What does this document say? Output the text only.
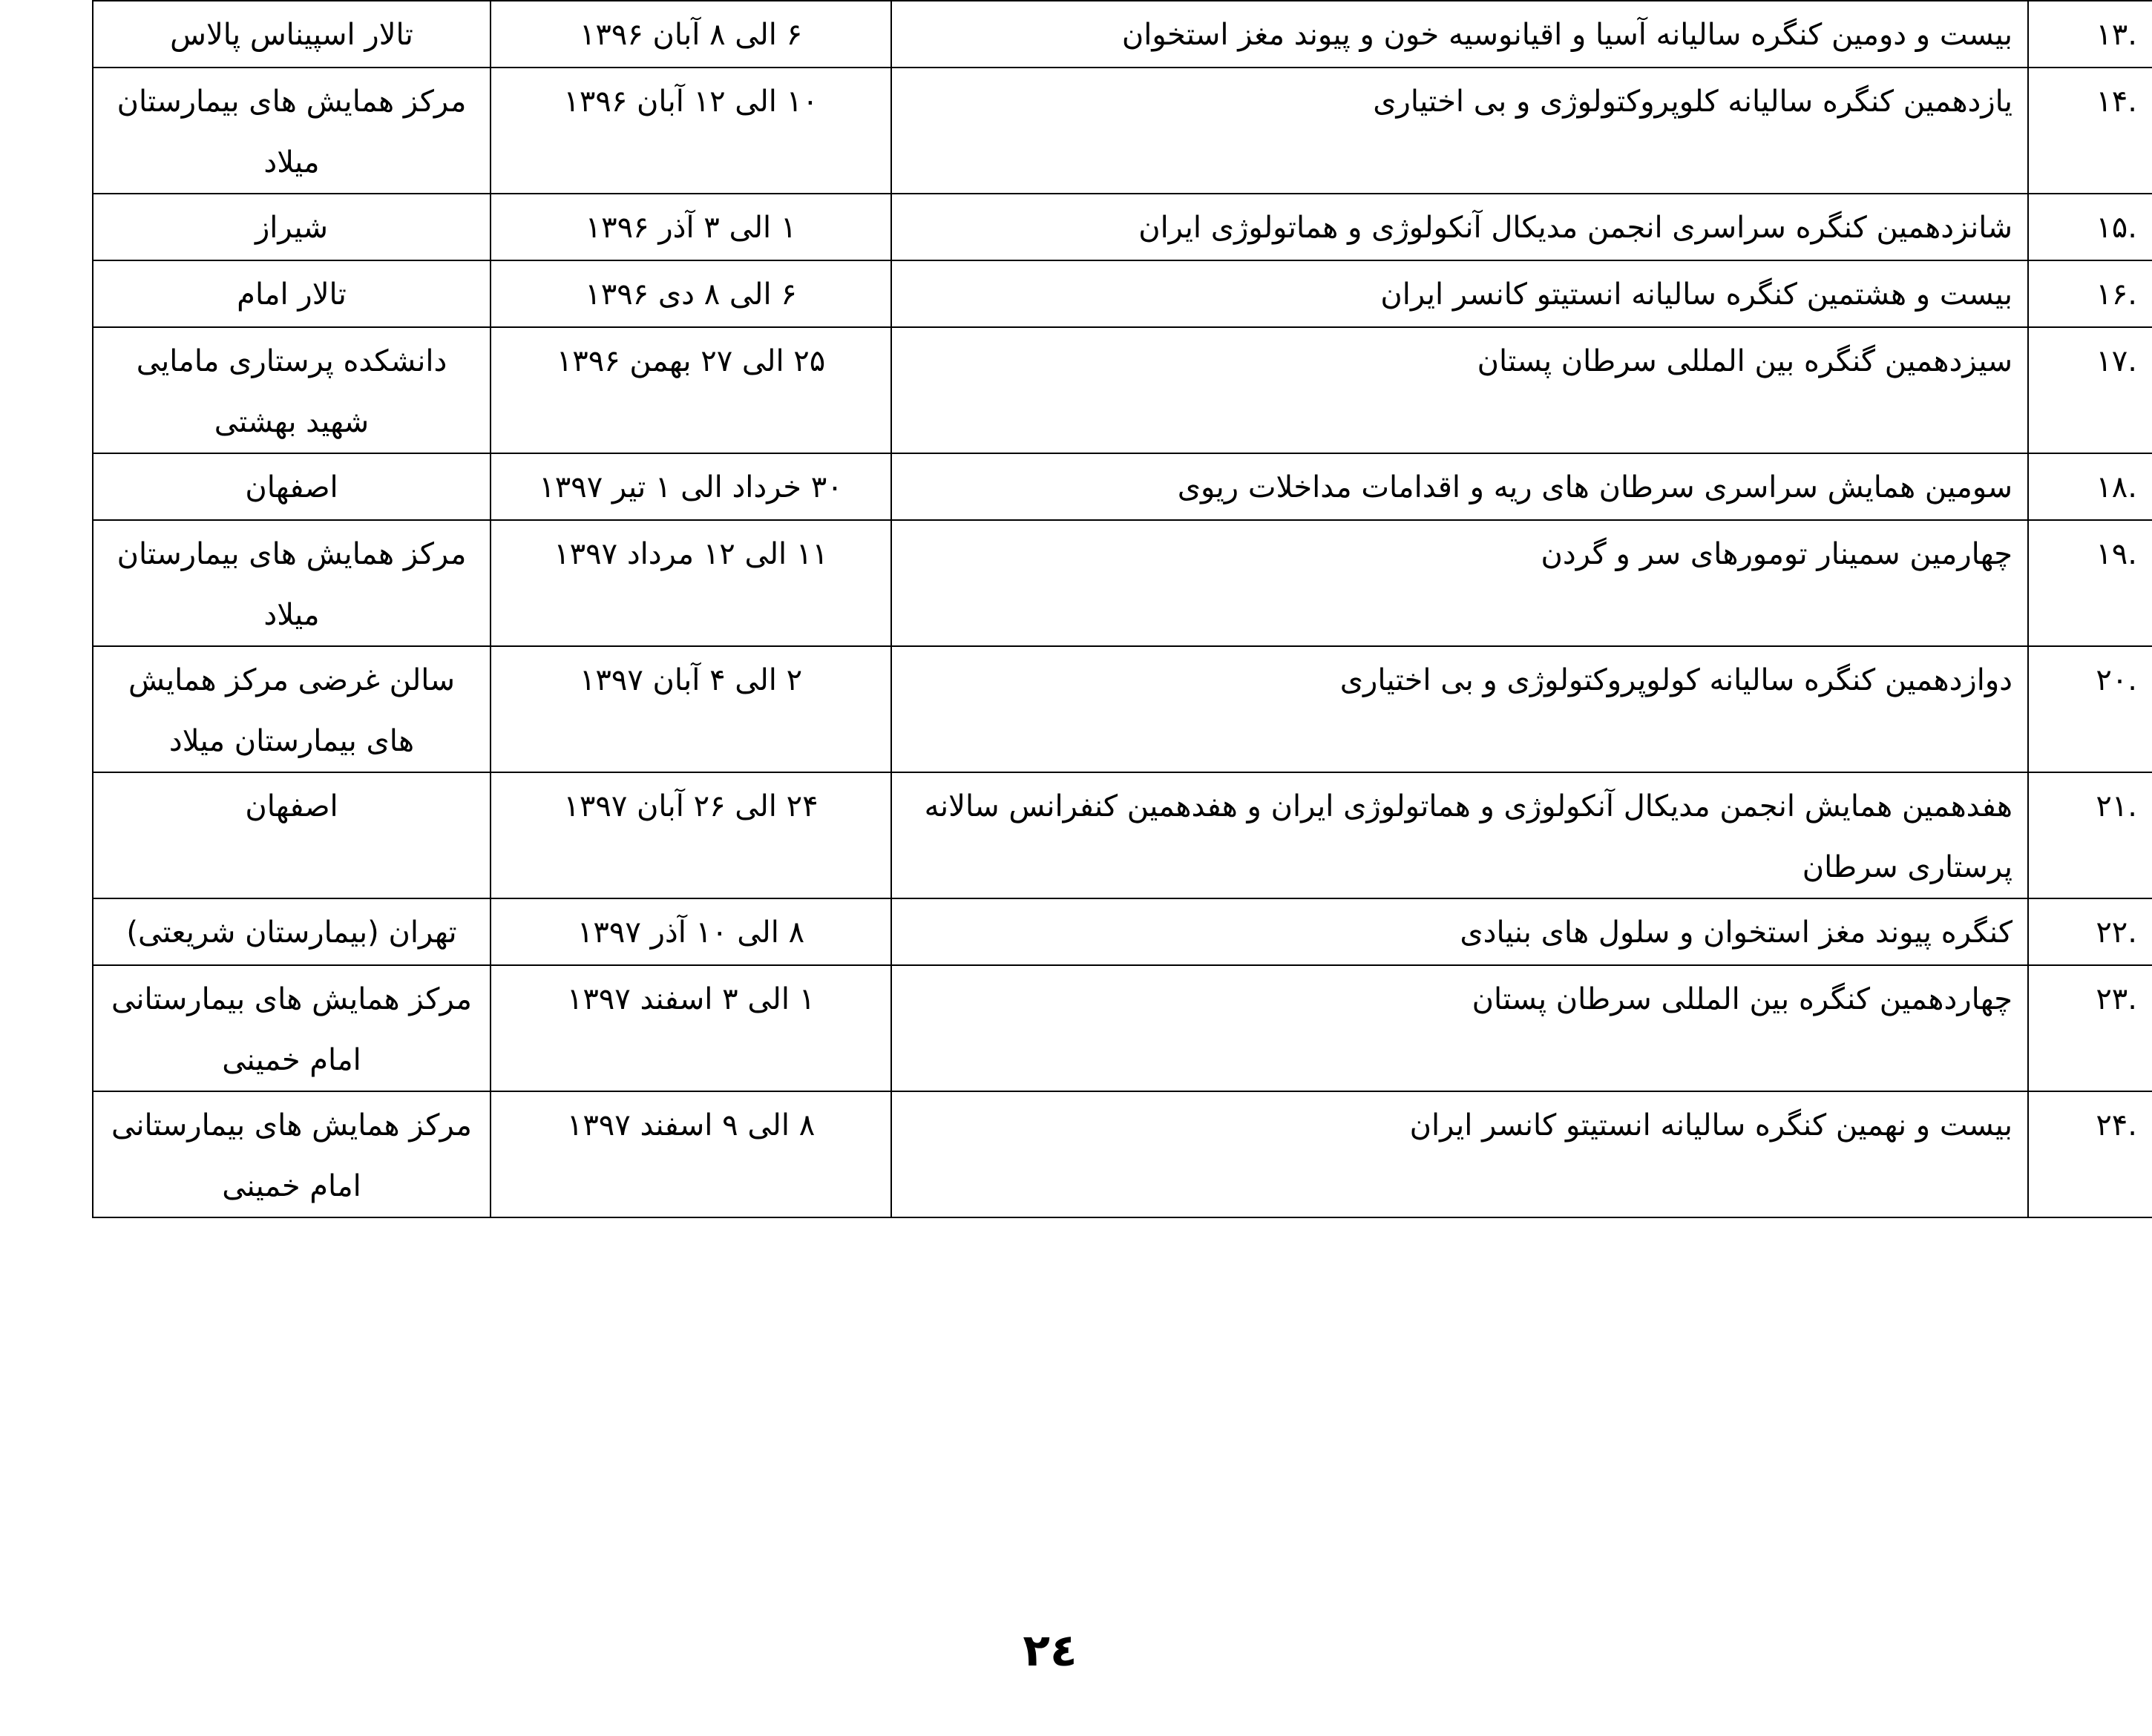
.۱۳	بیست و دومین کنگره سالیانه آسیا و اقیانوسیه خون و پیوند مغز استخوان	۶ الی ۸ آبان ۱۳۹۶	تالار اسپیناس پالاس
.۱۴	یازدهمین کنگره سالیانه کلوپروکتولوژی و بی اختیاری	۱۰ الی ۱۲ آبان ۱۳۹۶	مرکز همایش های بیمارستان میلاد
.۱۵	شانزدهمین کنگره سراسری انجمن مدیکال آنکولوژی و هماتولوژی ایران	۱ الی ۳ آذر ۱۳۹۶	شیراز
.۱۶	بیست و هشتمین کنگره سالیانه انستیتو کانسر ایران	۶ الی ۸ دی ۱۳۹۶	تالار امام
.۱۷	سیزدهمین گنگره بین المللی سرطان پستان	۲۵ الی ۲۷ بهمن ۱۳۹۶	دانشکده پرستاری مامایی شهید بهشتی
.۱۸	سومین همایش سراسری سرطان های ریه و اقدامات مداخلات ریوی	۳۰ خرداد الی ۱ تیر ۱۳۹۷	اصفهان
.۱۹	چهارمین سمینار تومورهای سر و گردن	۱۱ الی ۱۲ مرداد ۱۳۹۷	مرکز همایش های بیمارستان میلاد
.۲۰	دوازدهمین کنگره سالیانه کولوپروکتولوژی و بی اختیاری	۲ الی ۴ آبان ۱۳۹۷	سالن غرضی مرکز همایش های بیمارستان میلاد
.۲۱	هفدهمین همایش انجمن مدیکال آنکولوژی و هماتولوژی ایران و هفدهمین کنفرانس سالانه پرستاری سرطان	۲۴ الی ۲۶ آبان ۱۳۹۷	اصفهان
.۲۲	کنگره پیوند مغز استخوان و سلول های بنیادی	۸ الی ۱۰ آذر ۱۳۹۷	تهران (بیمارستان شریعتی)
.۲۳	چهاردهمین کنگره بین المللی سرطان پستان	۱ الی ۳ اسفند ۱۳۹۷	مرکز همایش های بیمارستانی امام خمینی
.۲۴	بیست و نهمین کنگره سالیانه انستیتو کانسر ایران	۸ الی ۹ اسفند ۱۳۹۷	مرکز همایش های بیمارستانی امام خمینی
٢٤
